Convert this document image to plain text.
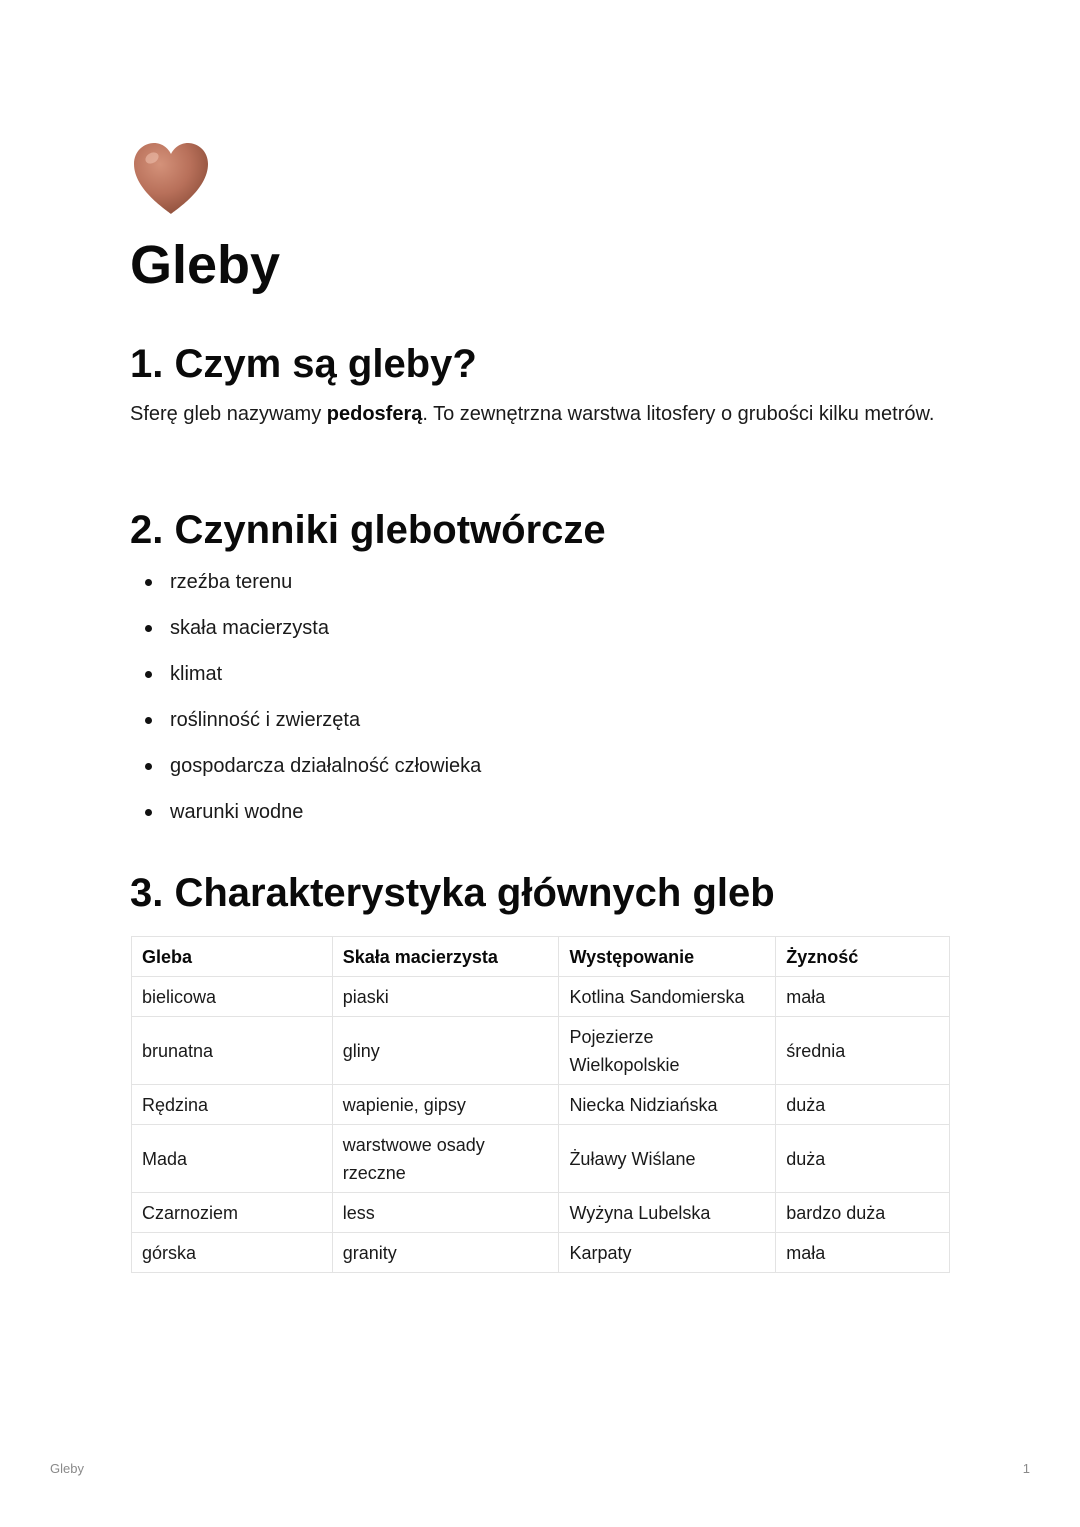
Gleby
1. Czym są gleby?

Sferę gleb nazywamy pedosferą. To zewnętrzna warstwa litosfery o grubości kilku metrów.

2. Czynniki glebotwórcze
rzeźba terenu
skała macierzysta
klimat
roślinność i zwierzęta
gospodarcza działalność człowieka
warunki wodne
3. Charakterystyka głównych gleb
Gleba	Skała macierzysta	Występowanie	Żyzność
bielicowa	piaski	Kotlina Sandomierska	mała
brunatna	gliny	Pojezierze Wielkopolskie	średnia
Rędzina	wapienie, gipsy	Niecka Nidziańska	duża
Mada	warstwowe osady rzeczne	Żuławy Wiślane	duża
Czarnoziem	less	Wyżyna Lubelska	bardzo duża
górska	granity	Karpaty	mała
Gleby	1
